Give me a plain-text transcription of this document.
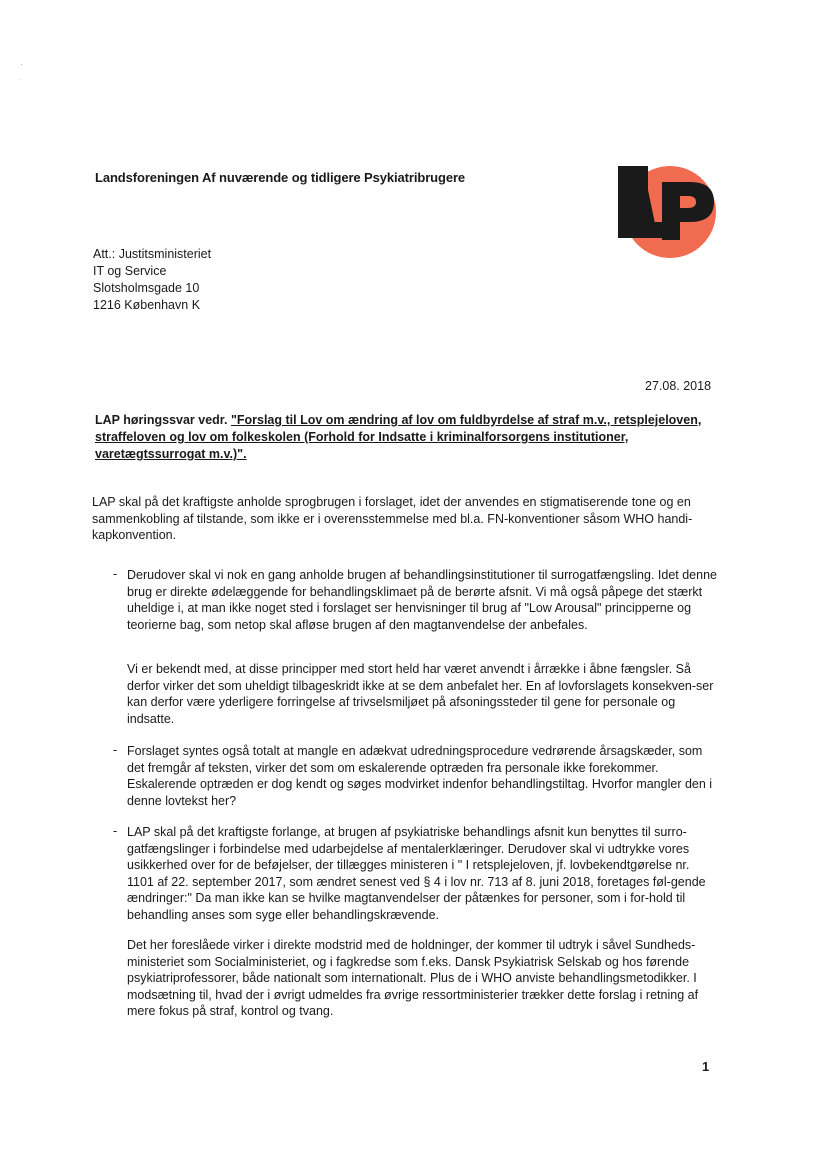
·

˙
Landsforeningen Af nuværende og tidligere Psykiatribrugere
Att.: Justitsministeriet
IT og Service
Slotsholmsgade 10
1216 København K
27.08. 2018
LAP høringssvar vedr. "Forslag til Lov om ændring af lov om fuldbyrdelse af straf m.v., retsplejeloven, straffeloven og lov om folkeskolen (Forhold for Indsatte i kriminalforsorgens institutioner, varetægtssurrogat m.v.)".
LAP skal på det kraftigste anholde sprogbrugen i forslaget, idet der anvendes en stigmatiserende tone og en sammenkobling af tilstande, som ikke er i overensstemmelse med bl.a. FN-konventioner såsom WHO handi-kapkonvention.
- Derudover skal vi nok en gang anholde brugen af behandlingsinstitutioner til surrogatfængsling. Idet denne brug er direkte ødelæggende for behandlingsklimaet på de berørte afsnit. Vi må også påpege det stærkt uheldige i, at man ikke noget sted i forslaget ser henvisninger til brug af "Low Arousal" principperne og teorierne bag, som netop skal afløse brugen af den magtanvendelse der anbefales.
Vi er bekendt med, at disse principper med stort held har været anvendt i årrække i åbne fængsler. Så derfor virker det som uheldigt tilbageskridt ikke at se dem anbefalet her. En af lovforslagets konsekven-ser kan derfor være yderligere forringelse af trivselsmiljøet på afsoningssteder til gene for personale og indsatte.
- Forslaget syntes også totalt at mangle en adækvat udredningsprocedure vedrørende årsagskæder, som det fremgår af teksten, virker det som om eskalerende optræden fra personale ikke forekommer. Eskalerende optræden er dog kendt og søges modvirket indenfor behandlingstiltag. Hvorfor mangler den i denne lovtekst her?
- LAP skal på det kraftigste forlange, at brugen af psykiatriske behandlings afsnit kun benyttes til surro-gatfængslinger i forbindelse med udarbejdelse af mentalerklæringer. Derudover skal vi udtrykke vores usikkerhed over for de beføjelser, der tillægges ministeren i " I retsplejeloven, jf. lovbekendtgørelse nr. 1101 af 22. september 2017, som ændret senest ved § 4 i lov nr. 713 af 8. juni 2018, foretages føl-gende ændringer:" Da man ikke kan se hvilke magtanvendelser der påtænkes for personer, som i for-hold til behandling anses som syge eller behandlingskrævende.
Det her foreslåede virker i direkte modstrid med de holdninger, der kommer til udtryk i såvel Sundheds-ministeriet som Socialministeriet, og i fagkredse som f.eks. Dansk Psykiatrisk Selskab og hos førende psykiatriprofessorer, både nationalt som internationalt. Plus de i WHO anviste behandlingsmetodikker. I modsætning til, hvad der i øvrigt udmeldes fra øvrige ressortministerier trækker dette forslag i retning af mere fokus på straf, kontrol og tvang.
1
